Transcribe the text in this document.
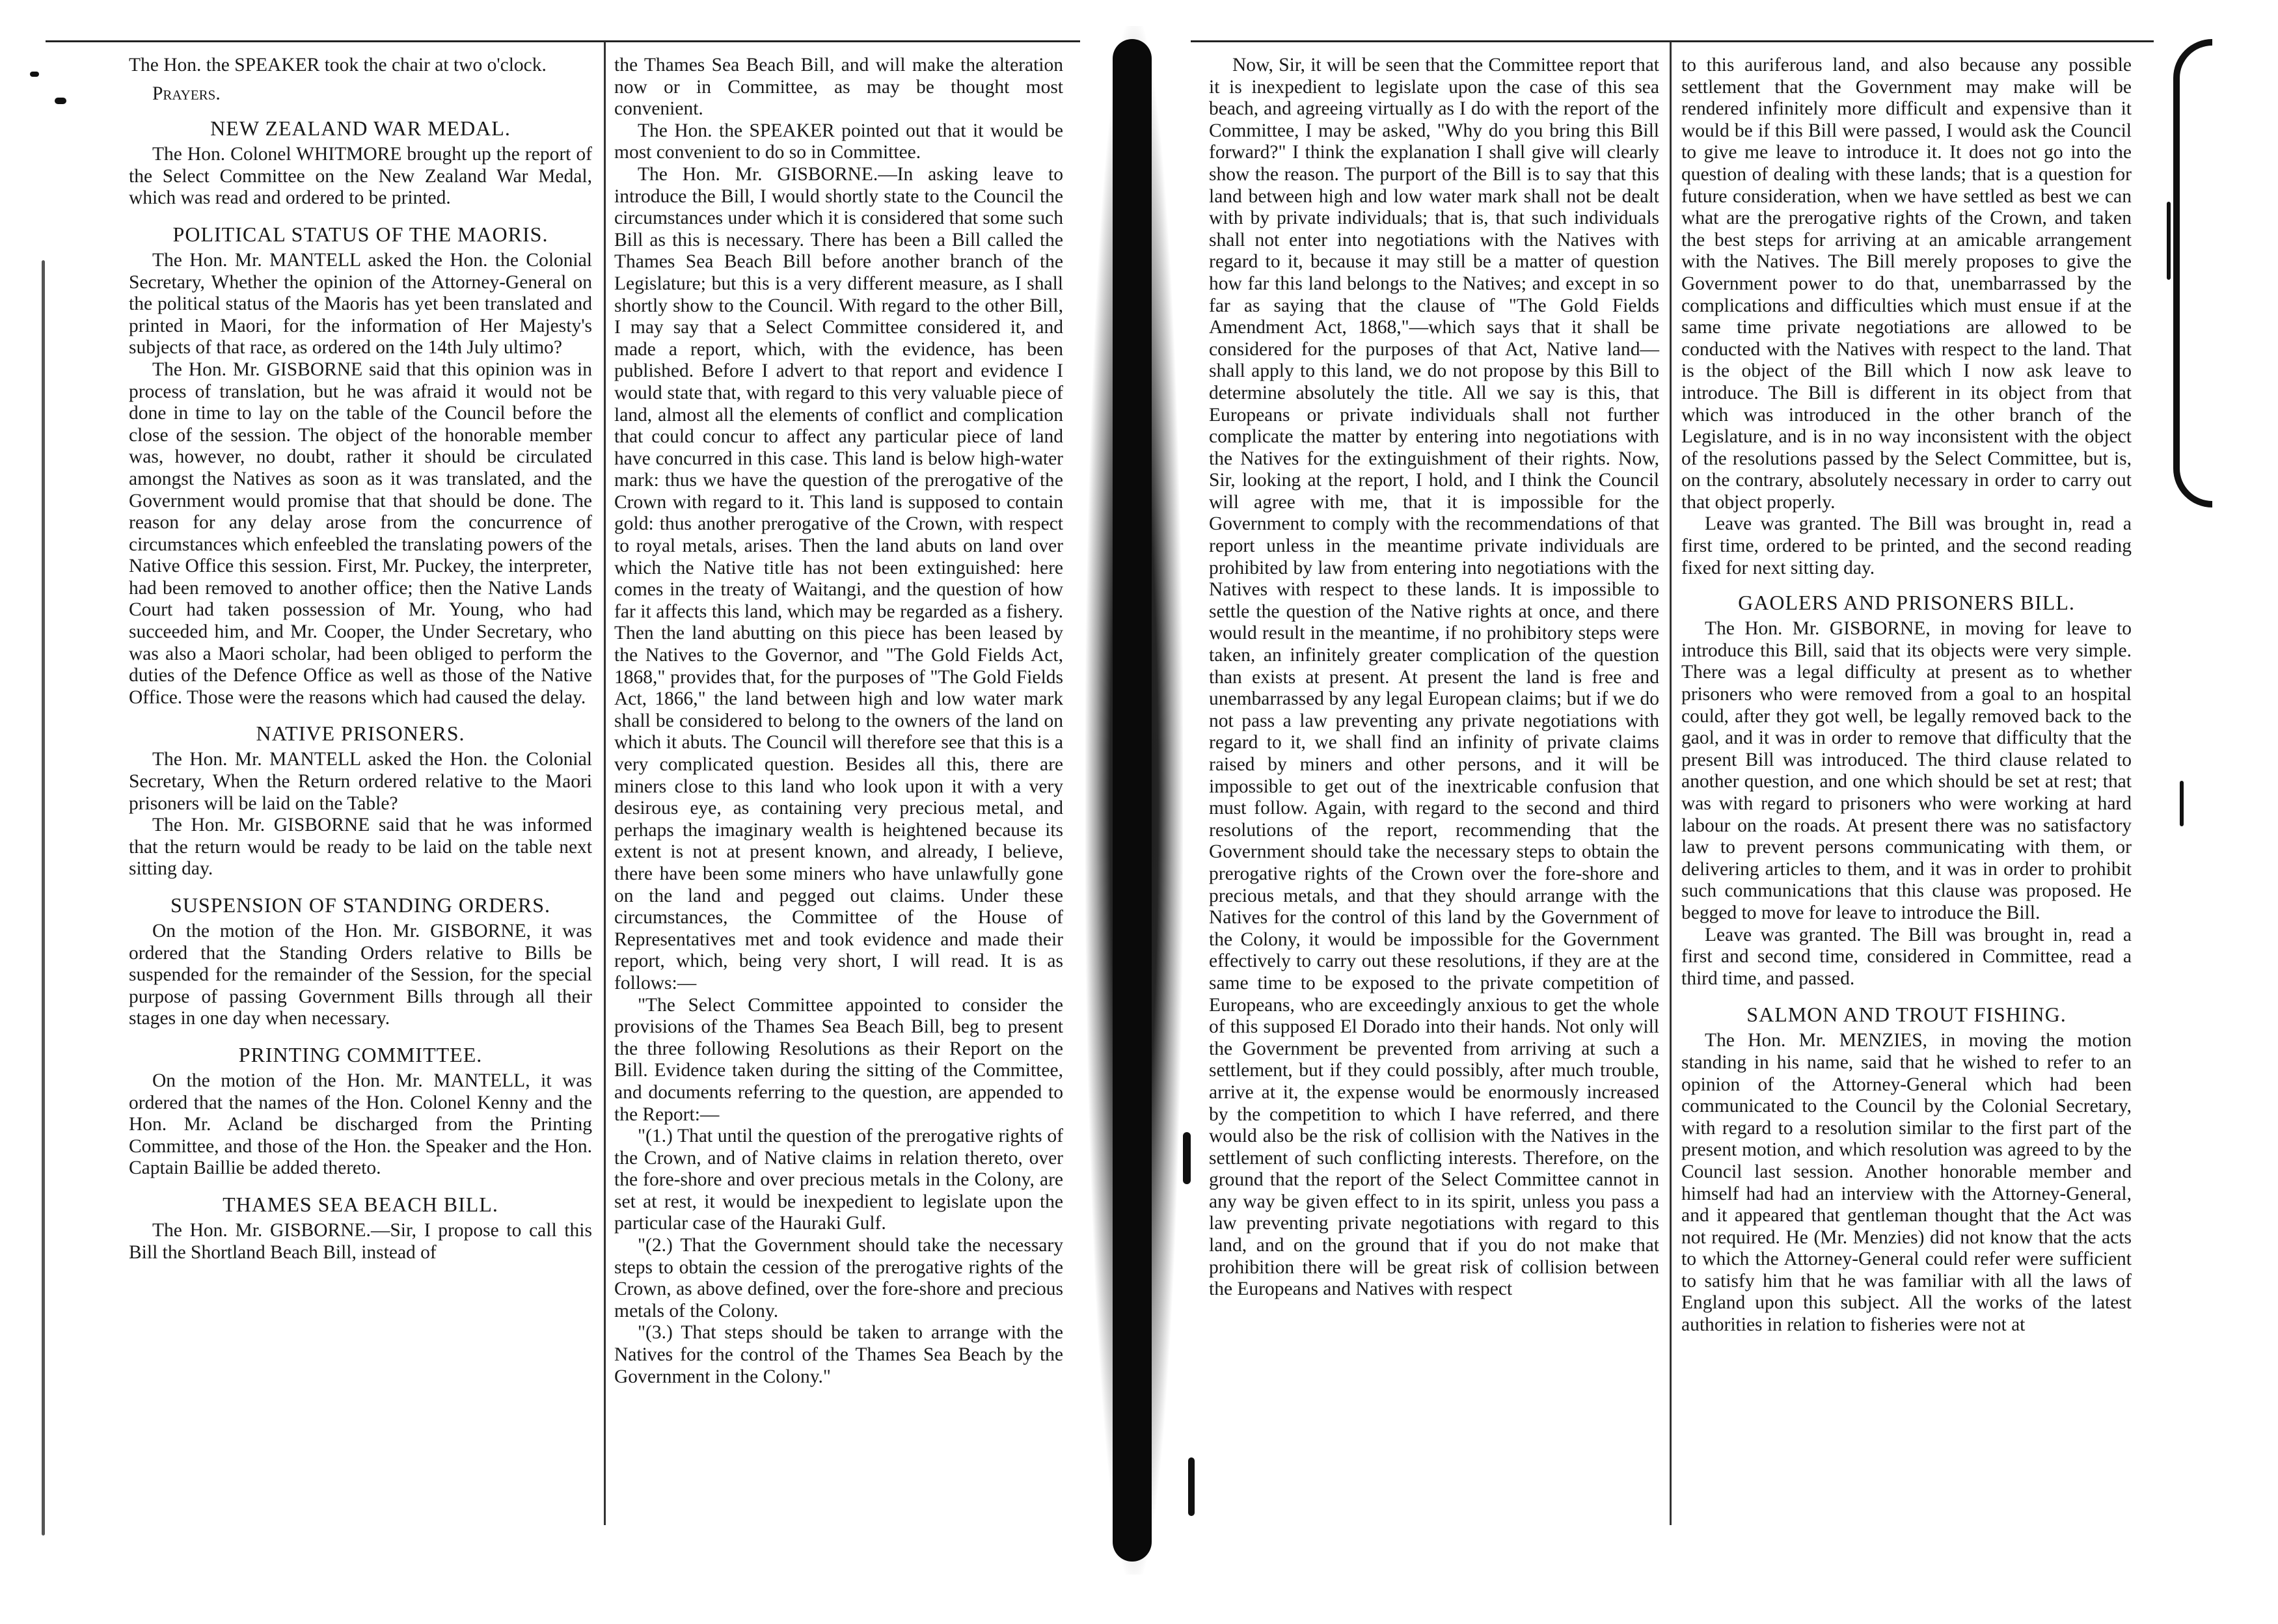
The Hon. the SPEAKER took the chair at two o'clock.

Prayers.

NEW ZEALAND WAR MEDAL.

The Hon. Colonel WHITMORE brought up the report of the Select Committee on the New Zealand War Medal, which was read and ordered to be printed.

POLITICAL STATUS OF THE MAORIS.

The Hon. Mr. MANTELL asked the Hon. the Colonial Secretary, Whether the opinion of the Attorney-General on the political status of the Maoris has yet been translated and printed in Maori, for the information of Her Majesty's subjects of that race, as ordered on the 14th July ultimo?

The Hon. Mr. GISBORNE said that this opinion was in process of translation, but he was afraid it would not be done in time to lay on the table of the Council before the close of the session. The object of the honorable member was, however, no doubt, rather it should be circulated amongst the Natives as soon as it was translated, and the Government would promise that that should be done. The reason for any delay arose from the concurrence of circumstances which enfeebled the translating powers of the Native Office this session. First, Mr. Puckey, the interpreter, had been removed to another office; then the Native Lands Court had taken possession of Mr. Young, who had succeeded him, and Mr. Cooper, the Under Secretary, who was also a Maori scholar, had been obliged to perform the duties of the Defence Office as well as those of the Native Office. Those were the reasons which had caused the delay.

NATIVE PRISONERS.

The Hon. Mr. MANTELL asked the Hon. the Colonial Secretary, When the Return ordered relative to the Maori prisoners will be laid on the Table?

The Hon. Mr. GISBORNE said that he was informed that the return would be ready to be laid on the table next sitting day.

SUSPENSION OF STANDING ORDERS.

On the motion of the Hon. Mr. GISBORNE, it was ordered that the Standing Orders relative to Bills be suspended for the remainder of the Session, for the special purpose of passing Government Bills through all their stages in one day when necessary.

PRINTING COMMITTEE.

On the motion of the Hon. Mr. MANTELL, it was ordered that the names of the Hon. Colonel Kenny and the Hon. Mr. Acland be discharged from the Printing Committee, and those of the Hon. the Speaker and the Hon. Captain Baillie be added thereto.

THAMES SEA BEACH BILL.

The Hon. Mr. GISBORNE.—Sir, I propose to call this Bill the Shortland Beach Bill, instead of

the Thames Sea Beach Bill, and will make the alteration now or in Committee, as may be thought most convenient.

The Hon. the SPEAKER pointed out that it would be most convenient to do so in Committee.

The Hon. Mr. GISBORNE.—In asking leave to introduce the Bill, I would shortly state to the Council the circumstances under which it is considered that some such Bill as this is necessary. There has been a Bill called the Thames Sea Beach Bill before another branch of the Legislature; but this is a very different measure, as I shall shortly show to the Council. With regard to the other Bill, I may say that a Select Committee considered it, and made a report, which, with the evidence, has been published. Before I advert to that report and evidence I would state that, with regard to this very valuable piece of land, almost all the elements of conflict and complication that could concur to affect any particular piece of land have concurred in this case. This land is below high-water mark: thus we have the question of the prerogative of the Crown with regard to it. This land is supposed to contain gold: thus another prerogative of the Crown, with respect to royal metals, arises. Then the land abuts on land over which the Native title has not been extinguished: here comes in the treaty of Waitangi, and the question of how far it affects this land, which may be regarded as a fishery. Then the land abutting on this piece has been leased by the Natives to the Governor, and "The Gold Fields Act, 1868," provides that, for the purposes of "The Gold Fields Act, 1866," the land between high and low water mark shall be considered to belong to the owners of the land on which it abuts. The Council will therefore see that this is a very complicated question. Besides all this, there are miners close to this land who look upon it with a very desirous eye, as containing very precious metal, and perhaps the imaginary wealth is heightened because its extent is not at present known, and already, I believe, there have been some miners who have unlawfully gone on the land and pegged out claims. Under these circumstances, the Committee of the House of Representatives met and took evidence and made their report, which, being very short, I will read. It is as follows:—

"The Select Committee appointed to consider the provisions of the Thames Sea Beach Bill, beg to present the three following Resolutions as their Report on the Bill. Evidence taken during the sitting of the Committee, and documents referring to the question, are appended to the Report:—

"(1.) That until the question of the prerogative rights of the Crown, and of Native claims in relation thereto, over the fore-shore and over precious metals in the Colony, are set at rest, it would be inexpedient to legislate upon the particular case of the Hauraki Gulf.

"(2.) That the Government should take the necessary steps to obtain the cession of the prerogative rights of the Crown, as above defined, over the fore-shore and precious metals of the Colony.

"(3.) That steps should be taken to arrange with the Natives for the control of the Thames Sea Beach by the Government in the Colony."

Now, Sir, it will be seen that the Committee report that it is inexpedient to legislate upon the case of this sea beach, and agreeing virtually as I do with the report of the Committee, I may be asked, "Why do you bring this Bill forward?" I think the explanation I shall give will clearly show the reason. The purport of the Bill is to say that this land between high and low water mark shall not be dealt with by private individuals; that is, that such individuals shall not enter into negotiations with the Natives with regard to it, because it may still be a matter of question how far this land belongs to the Natives; and except in so far as saying that the clause of "The Gold Fields Amendment Act, 1868,"—which says that it shall be considered for the purposes of that Act, Native land—shall apply to this land, we do not propose by this Bill to determine absolutely the title. All we say is this, that Europeans or private individuals shall not further complicate the matter by entering into negotiations with the Natives for the extinguishment of their rights. Now, Sir, looking at the report, I hold, and I think the Council will agree with me, that it is impossible for the Government to comply with the recommendations of that report unless in the meantime private individuals are prohibited by law from entering into negotiations with the Natives with respect to these lands. It is impossible to settle the question of the Native rights at once, and there would result in the meantime, if no prohibitory steps were taken, an infinitely greater complication of the question than exists at present. At present the land is free and unembarrassed by any legal European claims; but if we do not pass a law preventing any private negotiations with regard to it, we shall find an infinity of private claims raised by miners and other persons, and it will be impossible to get out of the inextricable confusion that must follow. Again, with regard to the second and third resolutions of the report, recommending that the Government should take the necessary steps to obtain the prerogative rights of the Crown over the fore-shore and precious metals, and that they should arrange with the Natives for the control of this land by the Government of the Colony, it would be impossible for the Government effectively to carry out these resolutions, if they are at the same time to be exposed to the private competition of Europeans, who are exceedingly anxious to get the whole of this supposed El Dorado into their hands. Not only will the Government be prevented from arriving at such a settlement, but if they could possibly, after much trouble, arrive at it, the expense would be enormously increased by the competition to which I have referred, and there would also be the risk of collision with the Natives in the settlement of such conflicting interests. Therefore, on the ground that the report of the Select Committee cannot in any way be given effect to in its spirit, unless you pass a law preventing private negotiations with regard to this land, and on the ground that if you do not make that prohibition there will be great risk of collision between the Europeans and Natives with respect

to this auriferous land, and also because any possible settlement that the Government may make will be rendered infinitely more difficult and expensive than it would be if this Bill were passed, I would ask the Council to give me leave to introduce it. It does not go into the question of dealing with these lands; that is a question for future consideration, when we have settled as best we can what are the prerogative rights of the Crown, and taken the best steps for arriving at an amicable arrangement with the Natives. The Bill merely proposes to give the Government power to do that, unembarrassed by the complications and difficulties which must ensue if at the same time private negotiations are allowed to be conducted with the Natives with respect to the land. That is the object of the Bill which I now ask leave to introduce. The Bill is different in its object from that which was introduced in the other branch of the Legislature, and is in no way inconsistent with the object of the resolutions passed by the Select Committee, but is, on the contrary, absolutely necessary in order to carry out that object properly.

Leave was granted. The Bill was brought in, read a first time, ordered to be printed, and the second reading fixed for next sitting day.

GAOLERS AND PRISONERS BILL.

The Hon. Mr. GISBORNE, in moving for leave to introduce this Bill, said that its objects were very simple. There was a legal difficulty at present as to whether prisoners who were removed from a goal to an hospital could, after they got well, be legally removed back to the gaol, and it was in order to remove that difficulty that the present Bill was introduced. The third clause related to another question, and one which should be set at rest; that was with regard to prisoners who were working at hard labour on the roads. At present there was no satisfactory law to prevent persons communicating with them, or delivering articles to them, and it was in order to prohibit such communications that this clause was proposed. He begged to move for leave to introduce the Bill.

Leave was granted. The Bill was brought in, read a first and second time, considered in Committee, read a third time, and passed.

SALMON AND TROUT FISHING.

The Hon. Mr. MENZIES, in moving the motion standing in his name, said that he wished to refer to an opinion of the Attorney-General which had been communicated to the Council by the Colonial Secretary, with regard to a resolution similar to the first part of the present motion, and which resolution was agreed to by the Council last session. Another honorable member and himself had had an interview with the Attorney-General, and it appeared that gentleman thought that the Act was not required. He (Mr. Menzies) did not know that the acts to which the Attorney-General could refer were sufficient to satisfy him that he was familiar with all the laws of England upon this subject. All the works of the latest authorities in relation to fisheries were not at
